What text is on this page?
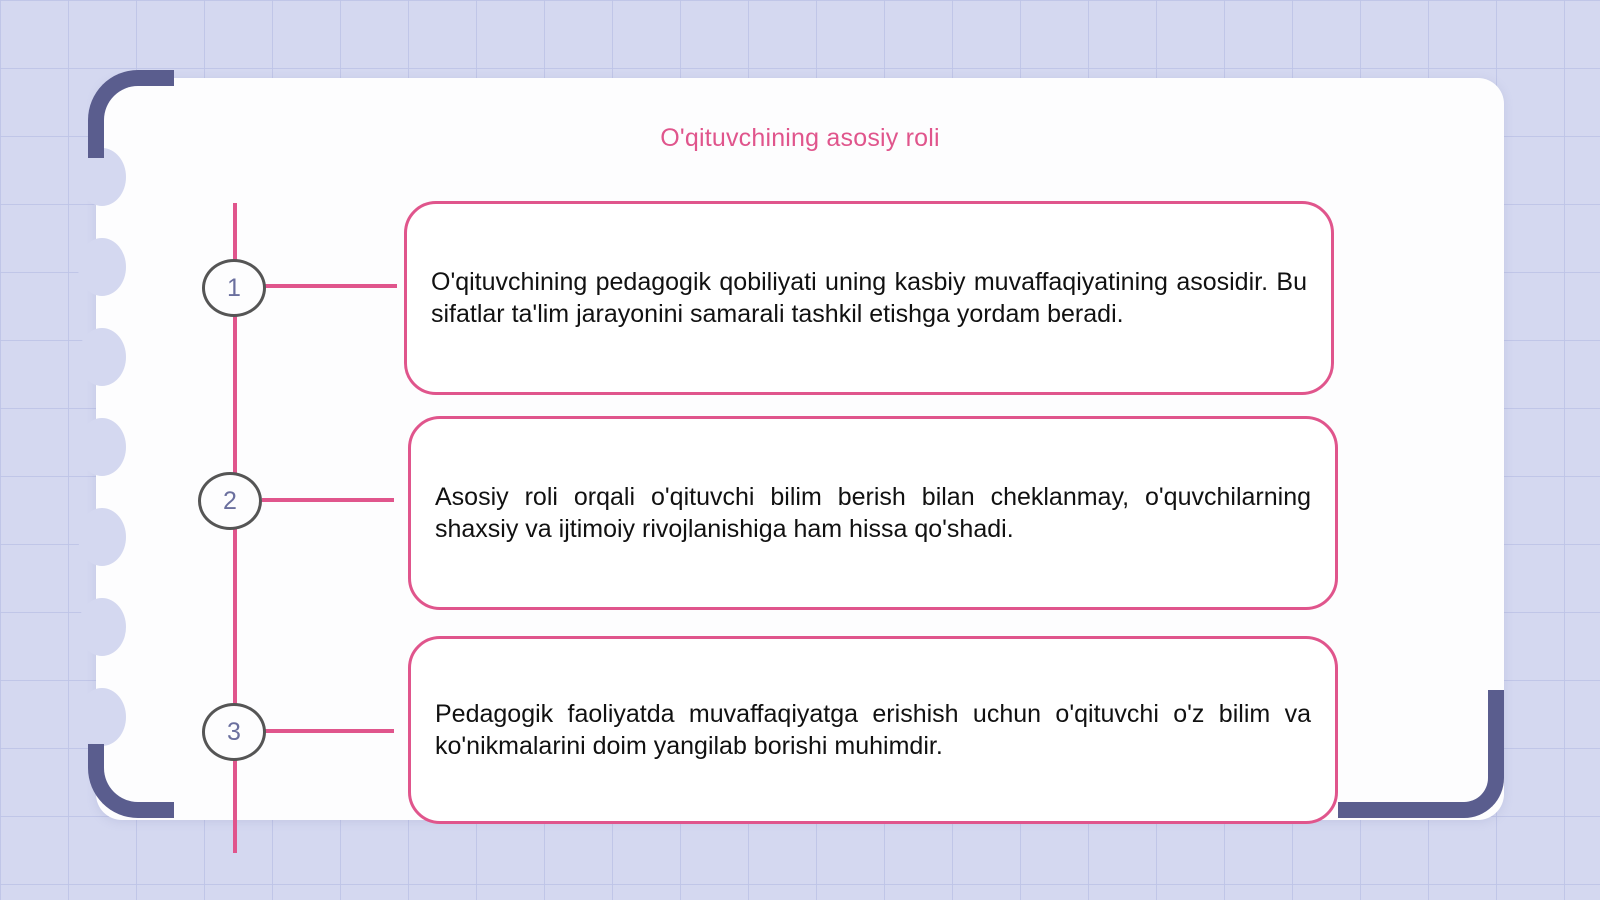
O'qituvchining asosiy roli
1
2
3

O'qituvchining pedagogik qobiliyati uning kasbiy muvaffaqiyatining asosidir. Bu sifatlar ta'lim jarayonini samarali tashkil etishga yordam beradi.

Asosiy roli orqali o'qituvchi bilim berish bilan cheklanmay, o'quvchilarning shaxsiy va ijtimoiy rivojlanishiga ham hissa qo'shadi.

Pedagogik faoliyatda muvaffaqiyatga erishish uchun o'qituvchi o'z bilim va ko'nikmalarini doim yangilab borishi muhimdir.
